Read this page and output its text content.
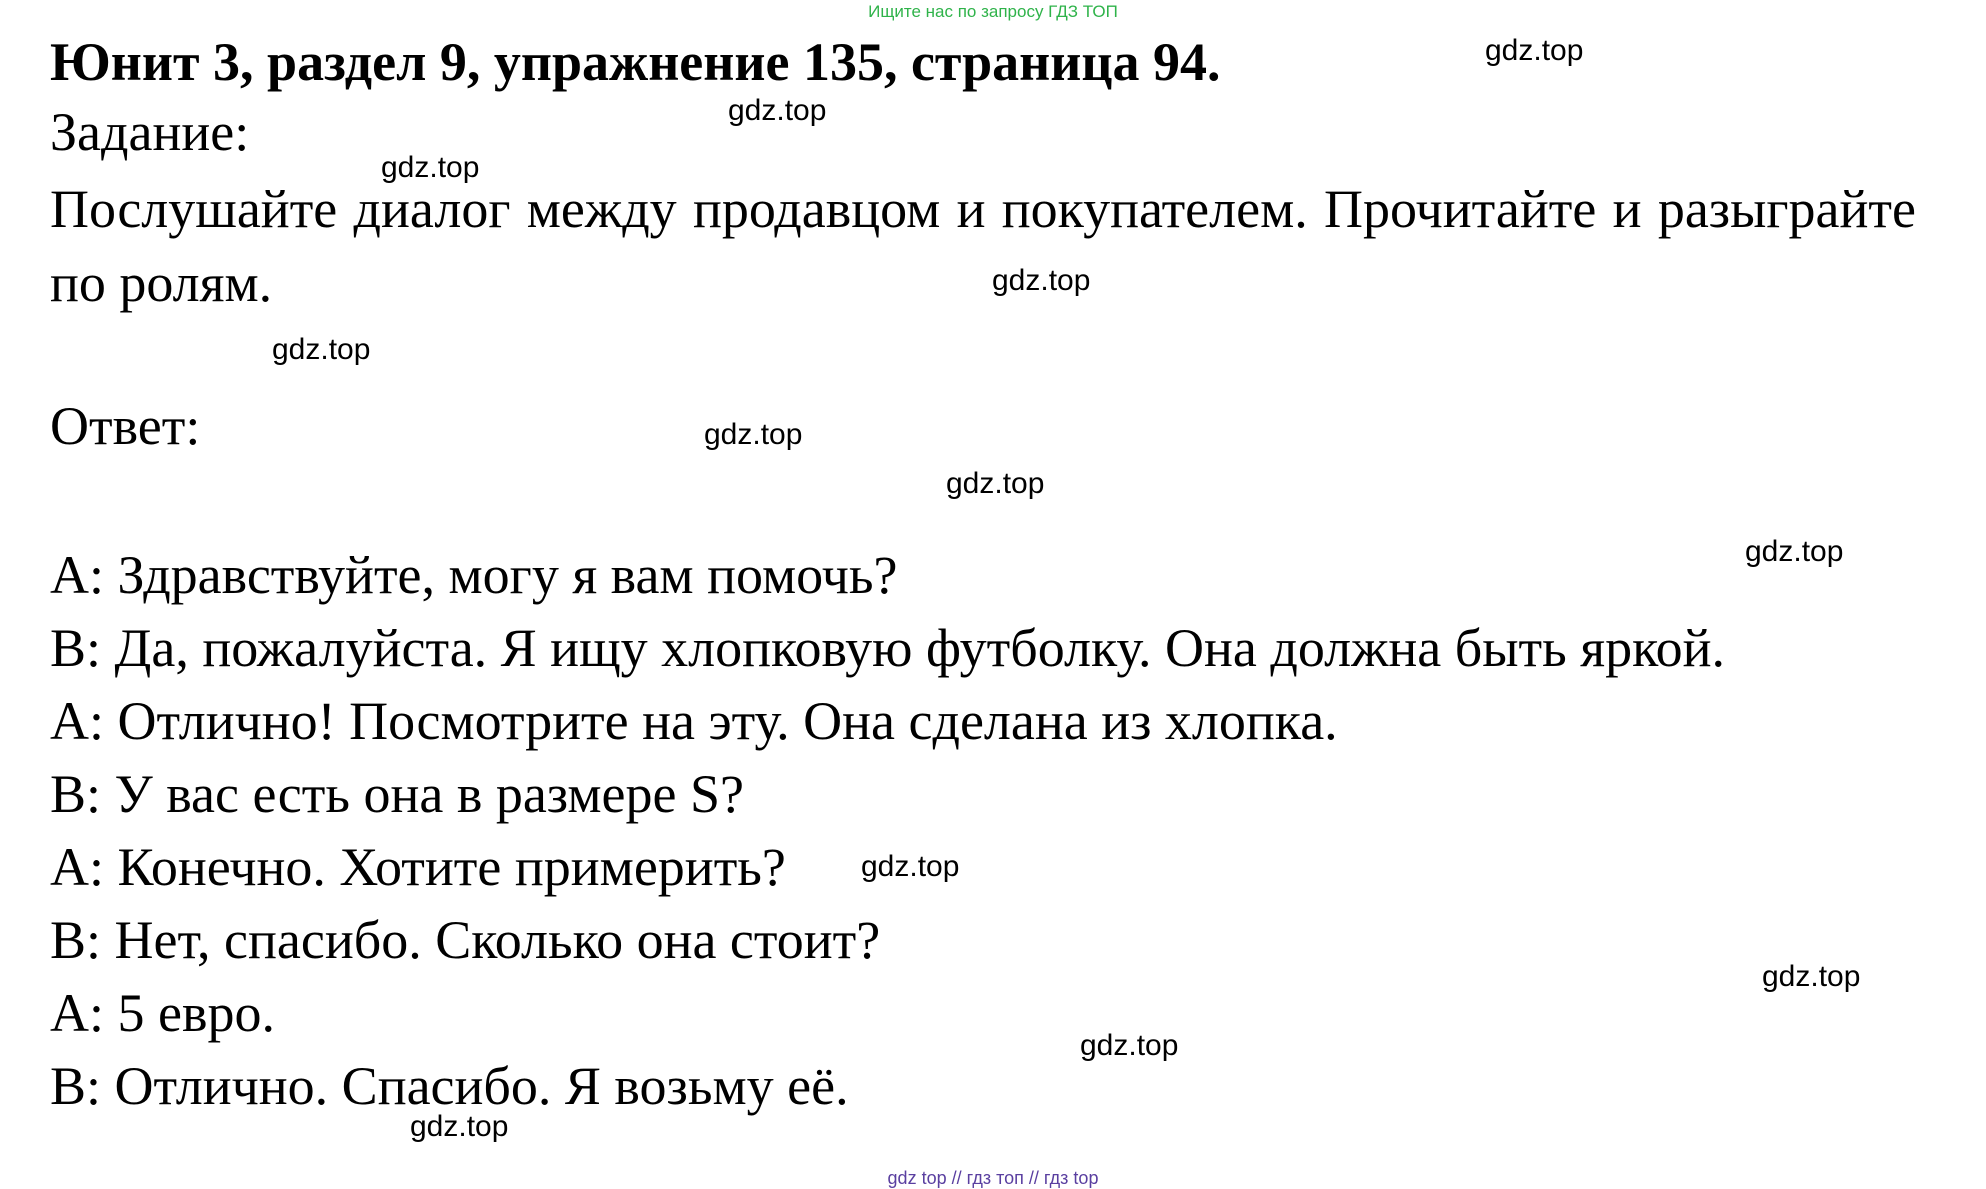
Ищите нас по запросу ГДЗ ТОП
Юнит 3, раздел 9, упражнение 135, страница 94.
Задание:
Послушайте диалог между продавцом и покупателем. Прочитайте и разыграйте по ролям.
Ответ:
A: Здравствуйте, могу я вам помочь?
B: Да, пожалуйста. Я ищу хлопковую футболку. Она должна быть яркой.
A: Отлично! Посмотрите на эту. Она сделана из хлопка.
B: У вас есть она в размере S?
A: Конечно. Хотите примерить?
B: Нет, спасибо. Сколько она стоит?
A: 5 евро.
B: Отлично. Спасибо. Я возьму её.
gdz.top
gdz.top
gdz.top
gdz.top
gdz.top
gdz.top
gdz.top
gdz.top
gdz.top
gdz.top
gdz.top
gdz.top
gdz top // гдз топ // гдз top
